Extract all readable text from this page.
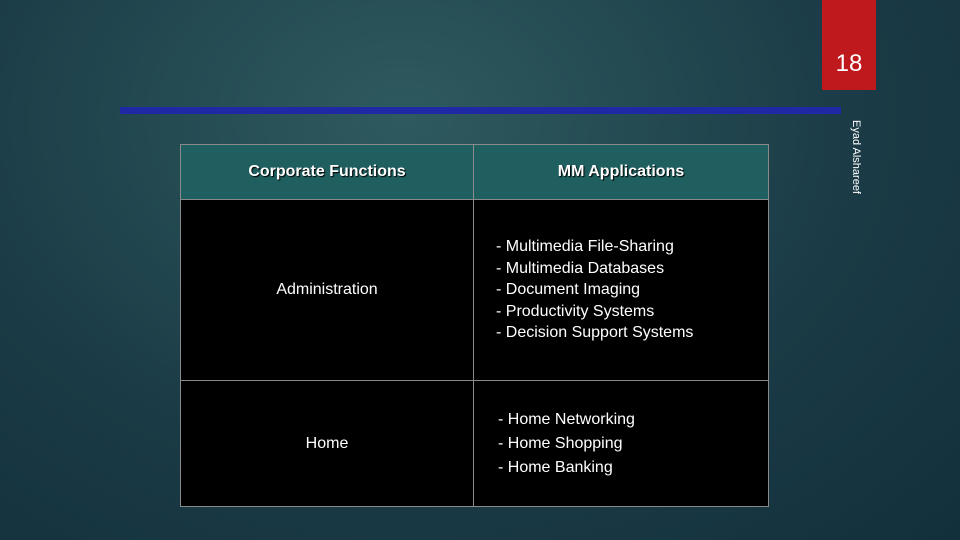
18
Eyad Alshareef
Corporate Functions	MM Applications
Administration	- Multimedia File-Sharing
- Multimedia Databases
- Document Imaging
- Productivity Systems
- Decision Support Systems

Home	- Home Networking
- Home Shopping
- Home Banking
